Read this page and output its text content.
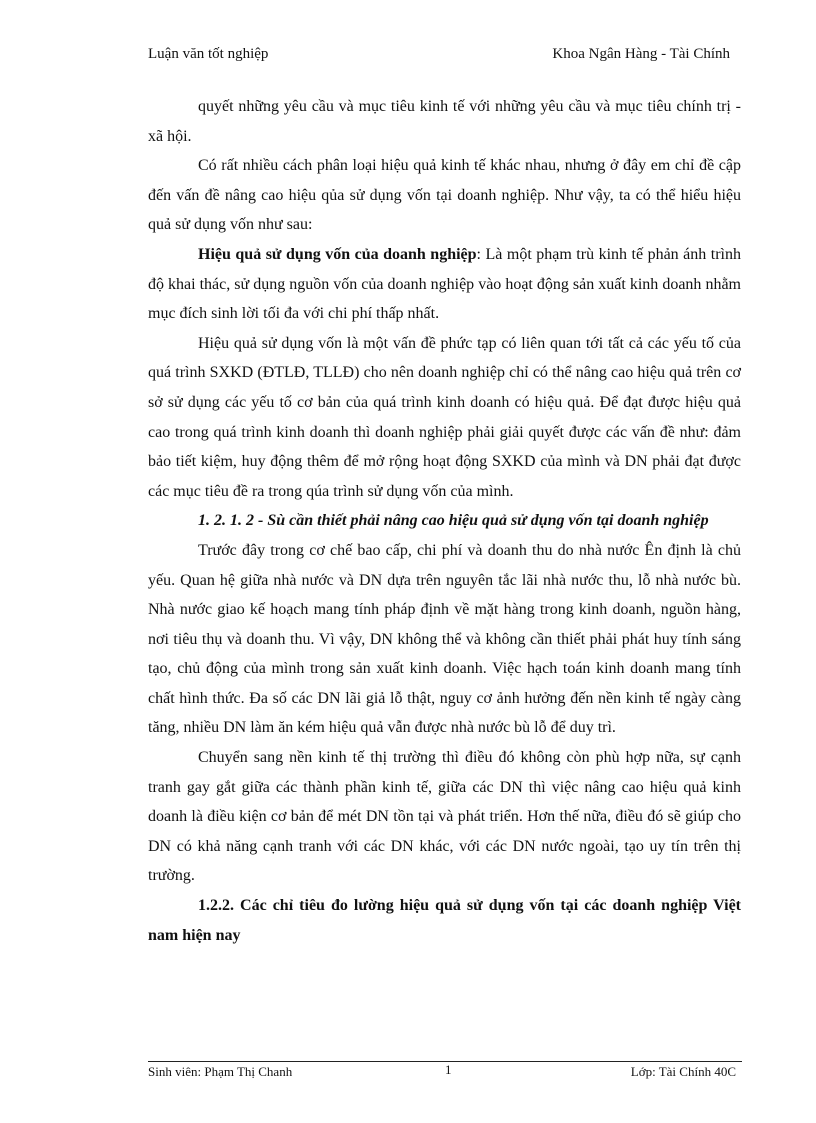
Luận văn tốt nghiệp	Khoa Ngân Hàng - Tài Chính

quyết những yêu cầu và mục tiêu kinh tế với những yêu cầu và mục tiêu chính trị - xã hội.

Có rất nhiều cách phân loại hiệu quả kinh tế khác nhau, nhưng ở đây em chỉ đề cập đến vấn đề nâng cao hiệu qủa sử dụng vốn tại doanh nghiệp. Như vậy, ta có thể hiểu hiệu quả sử dụng vốn như sau:

Hiệu quả sử dụng vốn của doanh nghiệp: Là một phạm trù kinh tế phản ánh trình độ khai thác, sử dụng nguồn vốn của doanh nghiệp vào hoạt động sản xuất kinh doanh nhằm mục đích sinh lời tối đa với chi phí thấp nhất.

Hiệu quả sử dụng vốn là một vấn đề phức tạp có liên quan tới tất cả các yếu tố của quá trình SXKD (ĐTLĐ, TLLĐ) cho nên doanh nghiệp chỉ có thể nâng cao hiệu quả trên cơ sở sử dụng các yếu tố cơ bản của quá trình kinh doanh có hiệu quả. Để đạt được hiệu quả cao trong quá trình kinh doanh thì doanh nghiệp phải giải quyết được các vấn đề như: đảm bảo tiết kiệm, huy động thêm để mở rộng hoạt động SXKD của mình và DN phải đạt được các mục tiêu đề ra trong qúa trình sử dụng vốn của mình.

1. 2. 1. 2 - Sù cần thiết phải nâng cao hiệu quả sử dụng vốn tại doanh nghiệp

Trước đây trong cơ chế bao cấp, chi phí và doanh thu do nhà nước Ên định là chủ yếu. Quan hệ giữa nhà nước và DN dựa trên nguyên tắc lãi nhà nước thu, lỗ nhà nước bù. Nhà nước giao kế hoạch mang tính pháp định về mặt hàng trong kinh doanh, nguồn hàng, nơi tiêu thụ và doanh thu. Vì vậy, DN không thể và không cần thiết phải phát huy tính sáng tạo, chủ động của mình trong sản xuất kinh doanh. Việc hạch toán kinh doanh mang tính chất hình thức. Đa số các DN lãi giả lỗ thật, nguy cơ ảnh hưởng đến nền kinh tế ngày càng tăng, nhiều DN làm ăn kém hiệu quả vẫn được nhà nước bù lỗ để duy trì.

Chuyển sang nền kinh tế thị trường thì điều đó không còn phù hợp nữa, sự cạnh tranh gay gắt giữa các thành phần kinh tế, giữa các DN thì việc nâng cao hiệu quả kinh doanh là điều kiện cơ bản để mét DN tồn tại và phát triển. Hơn thế nữa, điều đó sẽ giúp cho DN có khả năng cạnh tranh với các DN khác, với các DN nước ngoài, tạo uy tín trên thị trường.

1.2.2. Các chỉ tiêu đo lường hiệu quả sử dụng vốn tại các doanh nghiệp Việt nam hiện nay

Sinh viên: Phạm Thị Chanh	1	Lớp: Tài Chính 40C
